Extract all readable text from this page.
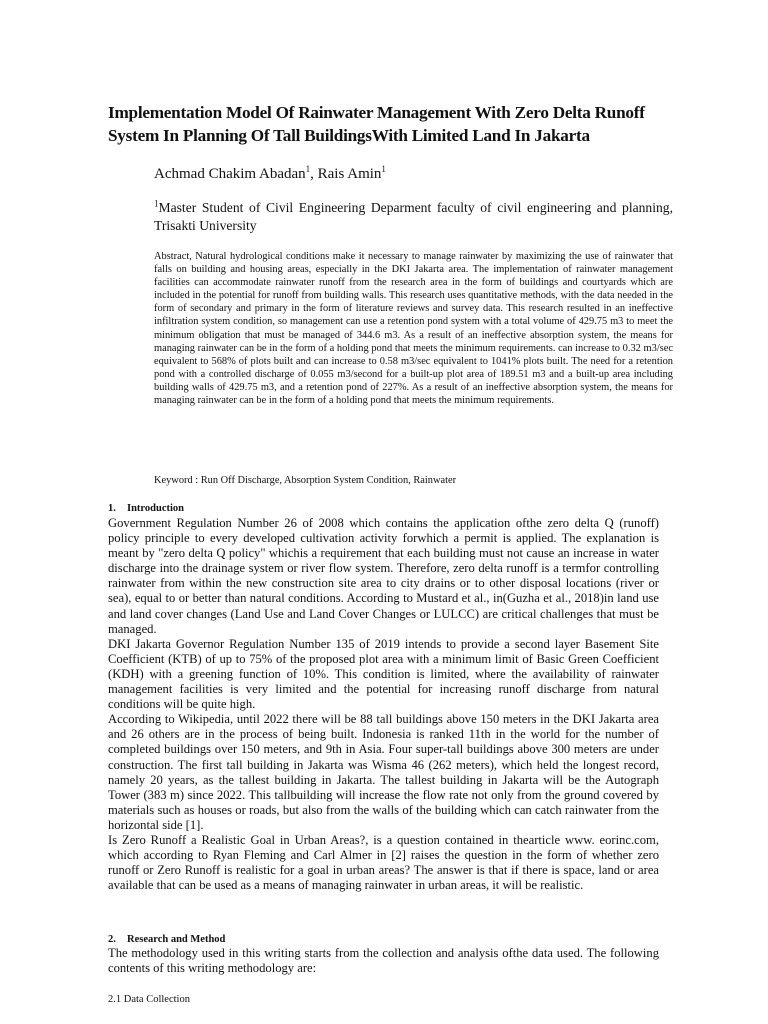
Implementation Model Of Rainwater Management With Zero Delta Runoff System In Planning Of Tall BuildingsWith Limited Land In Jakarta

Achmad Chakim Abadan$^1$, Rais Amin$^1$

$^1$Master Student of Civil Engineering Deparment faculty of civil engineering and planning, Trisakti University

Abstract, Natural hydrological conditions make it necessary to manage rainwater by maximizing the use of rainwater that falls on building and housing areas, especially in the DKI Jakarta area. The implementation of rainwater management facilities can accommodate rainwater runoff from the research area in the form of buildings and courtyards which are included in the potential for runoff from building walls. This research uses quantitative methods, with the data needed in the form of secondary and primary in the form of literature reviews and survey data. This research resulted in an ineffective infiltration system condition, so management can use a retention pond system with a total volume of 429.75 m3 to meet the minimum obligation that must be managed of 344.6 m3. As a result of an ineffective absorption system, the means for managing rainwater can be in the form of a holding pond that meets the minimum requirements. can increase to 0.32 m3/sec equivalent to 568% of plots built and can increase to 0.58 m3/sec equivalent to 1041% plots built. The need for a retention pond with a controlled discharge of 0.055 m3/second for a built-up plot area of 189.51 m3 and a built-up area including building walls of 429.75 m3, and a retention pond of 227%. As a result of an ineffective absorption system, the means for managing rainwater can be in the form of a holding pond that meets the minimum requirements.

Keyword : Run Off Discharge, Absorption System Condition, Rainwater

1. Introduction

Government Regulation Number 26 of 2008 which contains the application ofthe zero delta Q (runoff) policy principle to every developed cultivation activity forwhich a permit is applied. The explanation is meant by "zero delta Q policy" whichis a requirement that each building must not cause an increase in water discharge into the drainage system or river flow system. Therefore, zero delta runoff is a termfor controlling rainwater from within the new construction site area to city drains or to other disposal locations (river or sea), equal to or better than natural conditions. According to Mustard et al., in(Guzha et al., 2018)in land use and land cover changes (Land Use and Land Cover Changes or LULCC) are critical challenges that must be managed.

DKI Jakarta Governor Regulation Number 135 of 2019 intends to provide a second layer Basement Site Coefficient (KTB) of up to 75% of the proposed plot area with a minimum limit of Basic Green Coefficient (KDH) with a greening function of 10%. This condition is limited, where the availability of rainwater management facilities is very limited and the potential for increasing runoff discharge from natural conditions will be quite high.

According to Wikipedia, until 2022 there will be 88 tall buildings above 150 meters in the DKI Jakarta area and 26 others are in the process of being built. Indonesia is ranked 11th in the world for the number of completed buildings over 150 meters, and 9th in Asia. Four super-tall buildings above 300 meters are under construction. The first tall building in Jakarta was Wisma 46 (262 meters), which held the longest record, namely 20 years, as the tallest building in Jakarta. The tallest building in Jakarta will be the Autograph Tower (383 m) since 2022. This tallbuilding will increase the flow rate not only from the ground covered by materials such as houses or roads, but also from the walls of the building which can catch rainwater from the horizontal side [1].

Is Zero Runoff a Realistic Goal in Urban Areas?, is a question contained in thearticle www. eorinc.com, which according to Ryan Fleming and Carl Almer in [2] raises the question in the form of whether zero runoff or Zero Runoff is realistic for a goal in urban areas? The answer is that if there is space, land or area available that can be used as a means of managing rainwater in urban areas, it will be realistic.

2. Research and Method

The methodology used in this writing starts from the collection and analysis ofthe data used. The following contents of this writing methodology are:

2.1 Data Collection
